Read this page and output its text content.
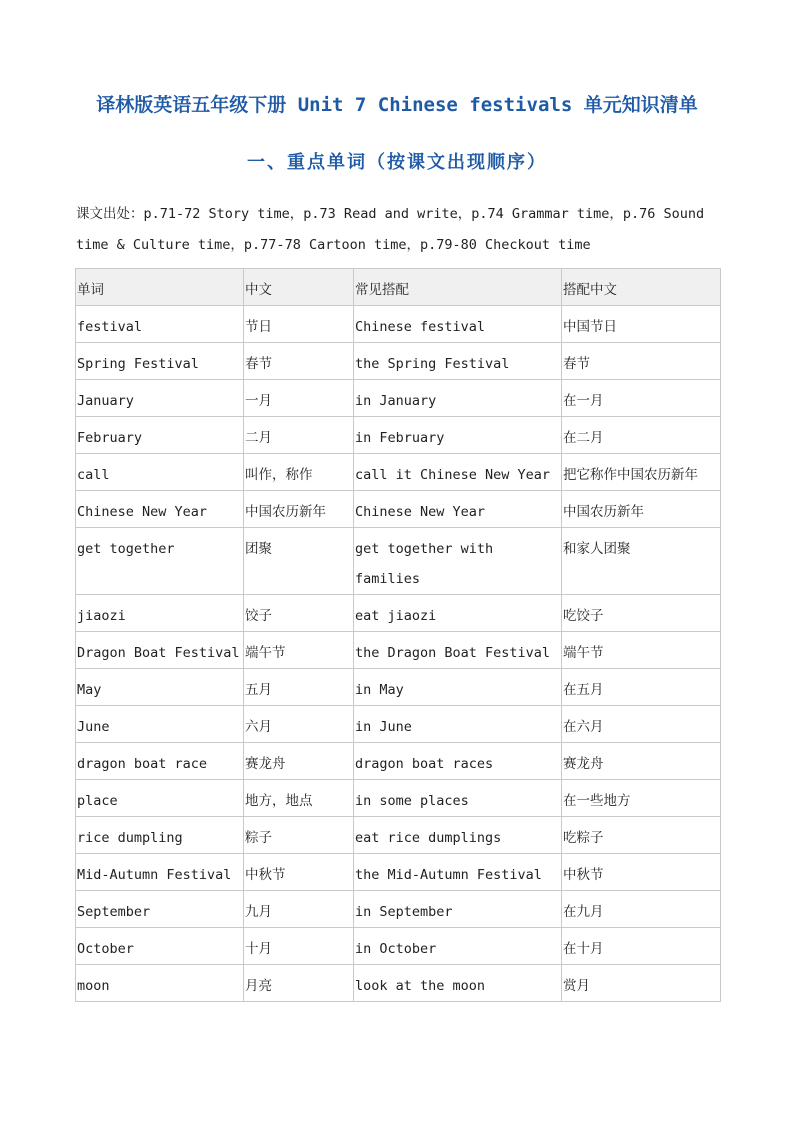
译林版英语五年级下册 Unit 7 Chinese festivals 单元知识清单
一、重点单词（按课文出现顺序）
课文出处：p.71-72 Story time，p.73 Read and write，p.74 Grammar time，p.76 Sound time & Culture time，p.77-78 Cartoon time，p.79-80 Checkout time
单词	中文	常见搭配	搭配中文
festival	节日	Chinese festival	中国节日
Spring Festival	春节	the Spring Festival	春节
January	一月	in January	在一月
February	二月	in February	在二月
call	叫作，称作	call it Chinese New Year	把它称作中国农历新年
Chinese New Year	中国农历新年	Chinese New Year	中国农历新年
get together	团聚	get together with families	和家人团聚
jiaozi	饺子	eat jiaozi	吃饺子
Dragon Boat Festival	端午节	the Dragon Boat Festival	端午节
May	五月	in May	在五月
June	六月	in June	在六月
dragon boat race	赛龙舟	dragon boat races	赛龙舟
place	地方，地点	in some places	在一些地方
rice dumpling	粽子	eat rice dumplings	吃粽子
Mid-Autumn Festival	中秋节	the Mid-Autumn Festival	中秋节
September	九月	in September	在九月
October	十月	in October	在十月
moon	月亮	look at the moon	赏月
